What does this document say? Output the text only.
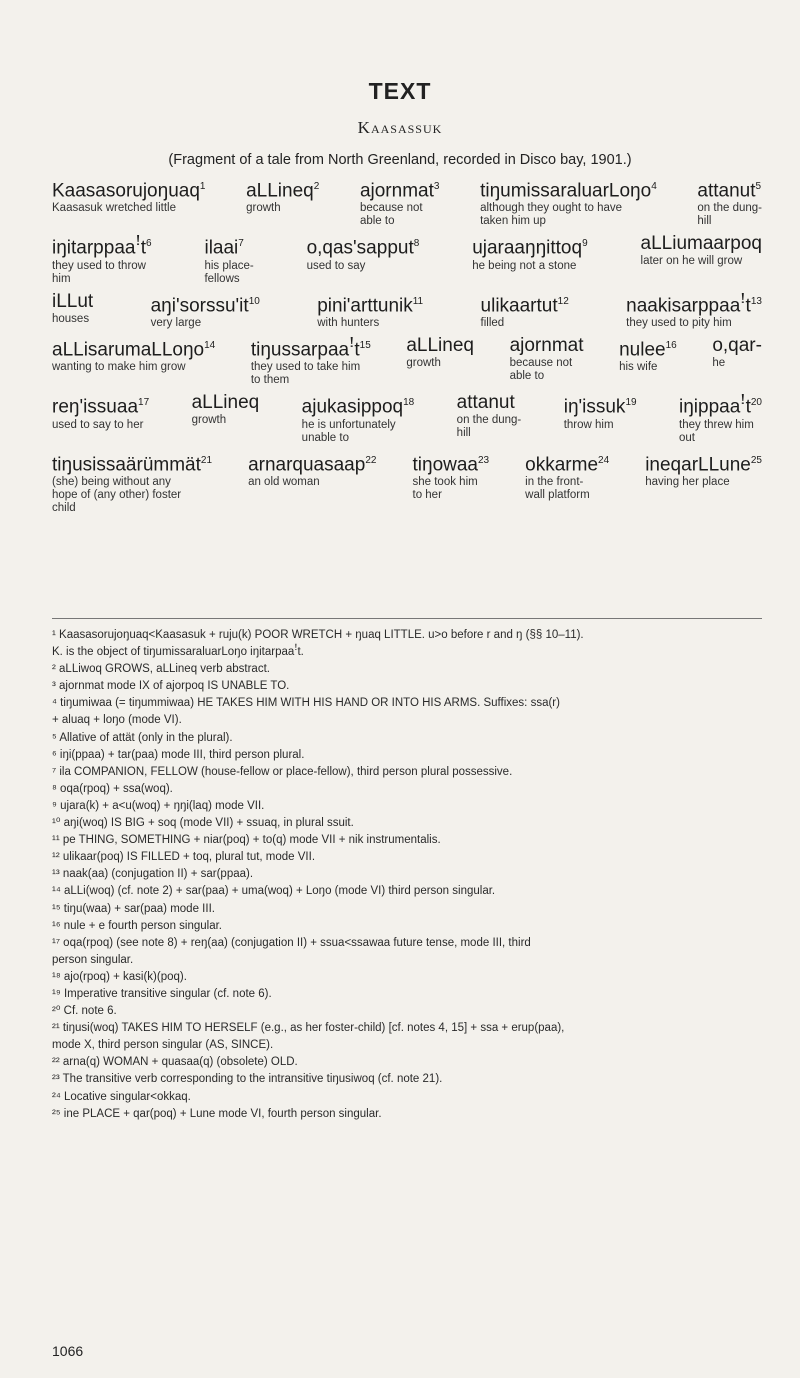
TEXT
Kaasassuk
(Fragment of a tale from North Greenland, recorded in Disco bay, 1901.)
Kaasasorujoŋuaq$^1$
Kaasasuk wretched little
aLLineq$^2$
growth
ajornmat$^3$
because not
able to
tiŋumissaraluarLoŋo$^4$
although they ought to have
taken him up
attanut$^5$
on the dung-
hill
iŋitarppaaꜝt$^6$
they used to throw
him
ilaai$^7$
his place-
fellows
o,qas'sapput$^8$
used to say
ujaraaŋŋittoq$^9$
he being not a stone
aLLiumaarpoq
later on he will grow
iLLut
houses
$aŋi'sorssu'it^{10}$
very large
pini'arttunik$^{11}$
with hunters
ulikaartut$^{12}$
filled
naakisarppaaꜝt$^{13}$
they used to pity him
aLLisarumaLLoŋo$^{14}$
wanting to make him grow
tiŋussarpaaꜝt$^{15}$
they used to take him
to them
aLLineq
growth
ajornmat
because not
able to
nulee$^{16}$
his wife
o,qar-
he
reŋ'issuaa$^{17}$
used to say to her
aLLineq
growth
ajukasippoq$^{18}$
he is unfortunately
unable to
attanut
on the dung-
hill
iŋ'issuk$^{19}$
throw him
iŋippaaꜝt$^{20}$
they threw him
out
tiŋusissaärümmät$^{21}$
(she) being without any
hope of (any other) foster
child
arnarquasaap$^{22}$
an old woman
tiŋowaa$^{23}$
she took him
to her
okkarme$^{24}$
in the front-
wall platform
ineqarLLune$^{25}$
having her place
¹ Kaasasorujoŋuaq<Kaasasuk + ruju(k) POOR WRETCH + ŋuaq LITTLE. u>o before r and ŋ (§§ 10–11).
K. is the object of tiŋumissaraluarLoŋo iŋitarpaaꜝt.
² aLLiwoq GROWS, aLLineq verb abstract.
³ ajornmat mode IX of ajorpoq IS UNABLE TO.
⁴ tiŋumiwaa (= tiŋummiwaa) HE TAKES HIM WITH HIS HAND OR INTO HIS ARMS. Suffixes: ssa(r)
+ aluaq + loŋo (mode VI).
⁵ Allative of attät (only in the plural).
⁶ iŋi(ppaa) + tar(paa) mode III, third person plural.
⁷ ila COMPANION, FELLOW (house-fellow or place-fellow), third person plural possessive.
⁸ oqa(rpoq) + ssa(woq).
⁹ ujara(k) + a<u(woq) + ŋŋi(laq) mode VII.
¹⁰ aŋi(woq) IS BIG + soq (mode VII) + ssuaq, in plural ssuit.
¹¹ pe THING, SOMETHING + niar(poq) + to(q) mode VII + nik instrumentalis.
¹² ulikaar(poq) IS FILLED + toq, plural tut, mode VII.
¹³ naak(aa) (conjugation II) + sar(ppaa).
¹⁴ aLLi(woq) (cf. note 2) + sar(paa) + uma(woq) + Loŋo (mode VI) third person singular.
¹⁵ tiŋu(waa) + sar(paa) mode III.
¹⁶ nule + e fourth person singular.
¹⁷ oqa(rpoq) (see note 8) + reŋ(aa) (conjugation II) + ssua<ssawaa future tense, mode III, third
person singular.
¹⁸ ajo(rpoq) + kasi(k)(poq).
¹⁹ Imperative transitive singular (cf. note 6).
²⁰ Cf. note 6.
²¹ tiŋusi(woq) TAKES HIM TO HERSELF (e.g., as her foster-child) [cf. notes 4, 15] + ssa + erup(paa),
mode X, third person singular (AS, SINCE).
²² arna(q) WOMAN + quasaa(q) (obsolete) OLD.
²³ The transitive verb corresponding to the intransitive tiŋusiwoq (cf. note 21).
²⁴ Locative singular<okkaq.
²⁵ ine PLACE + qar(poq) + Lune mode VI, fourth person singular.
1066
